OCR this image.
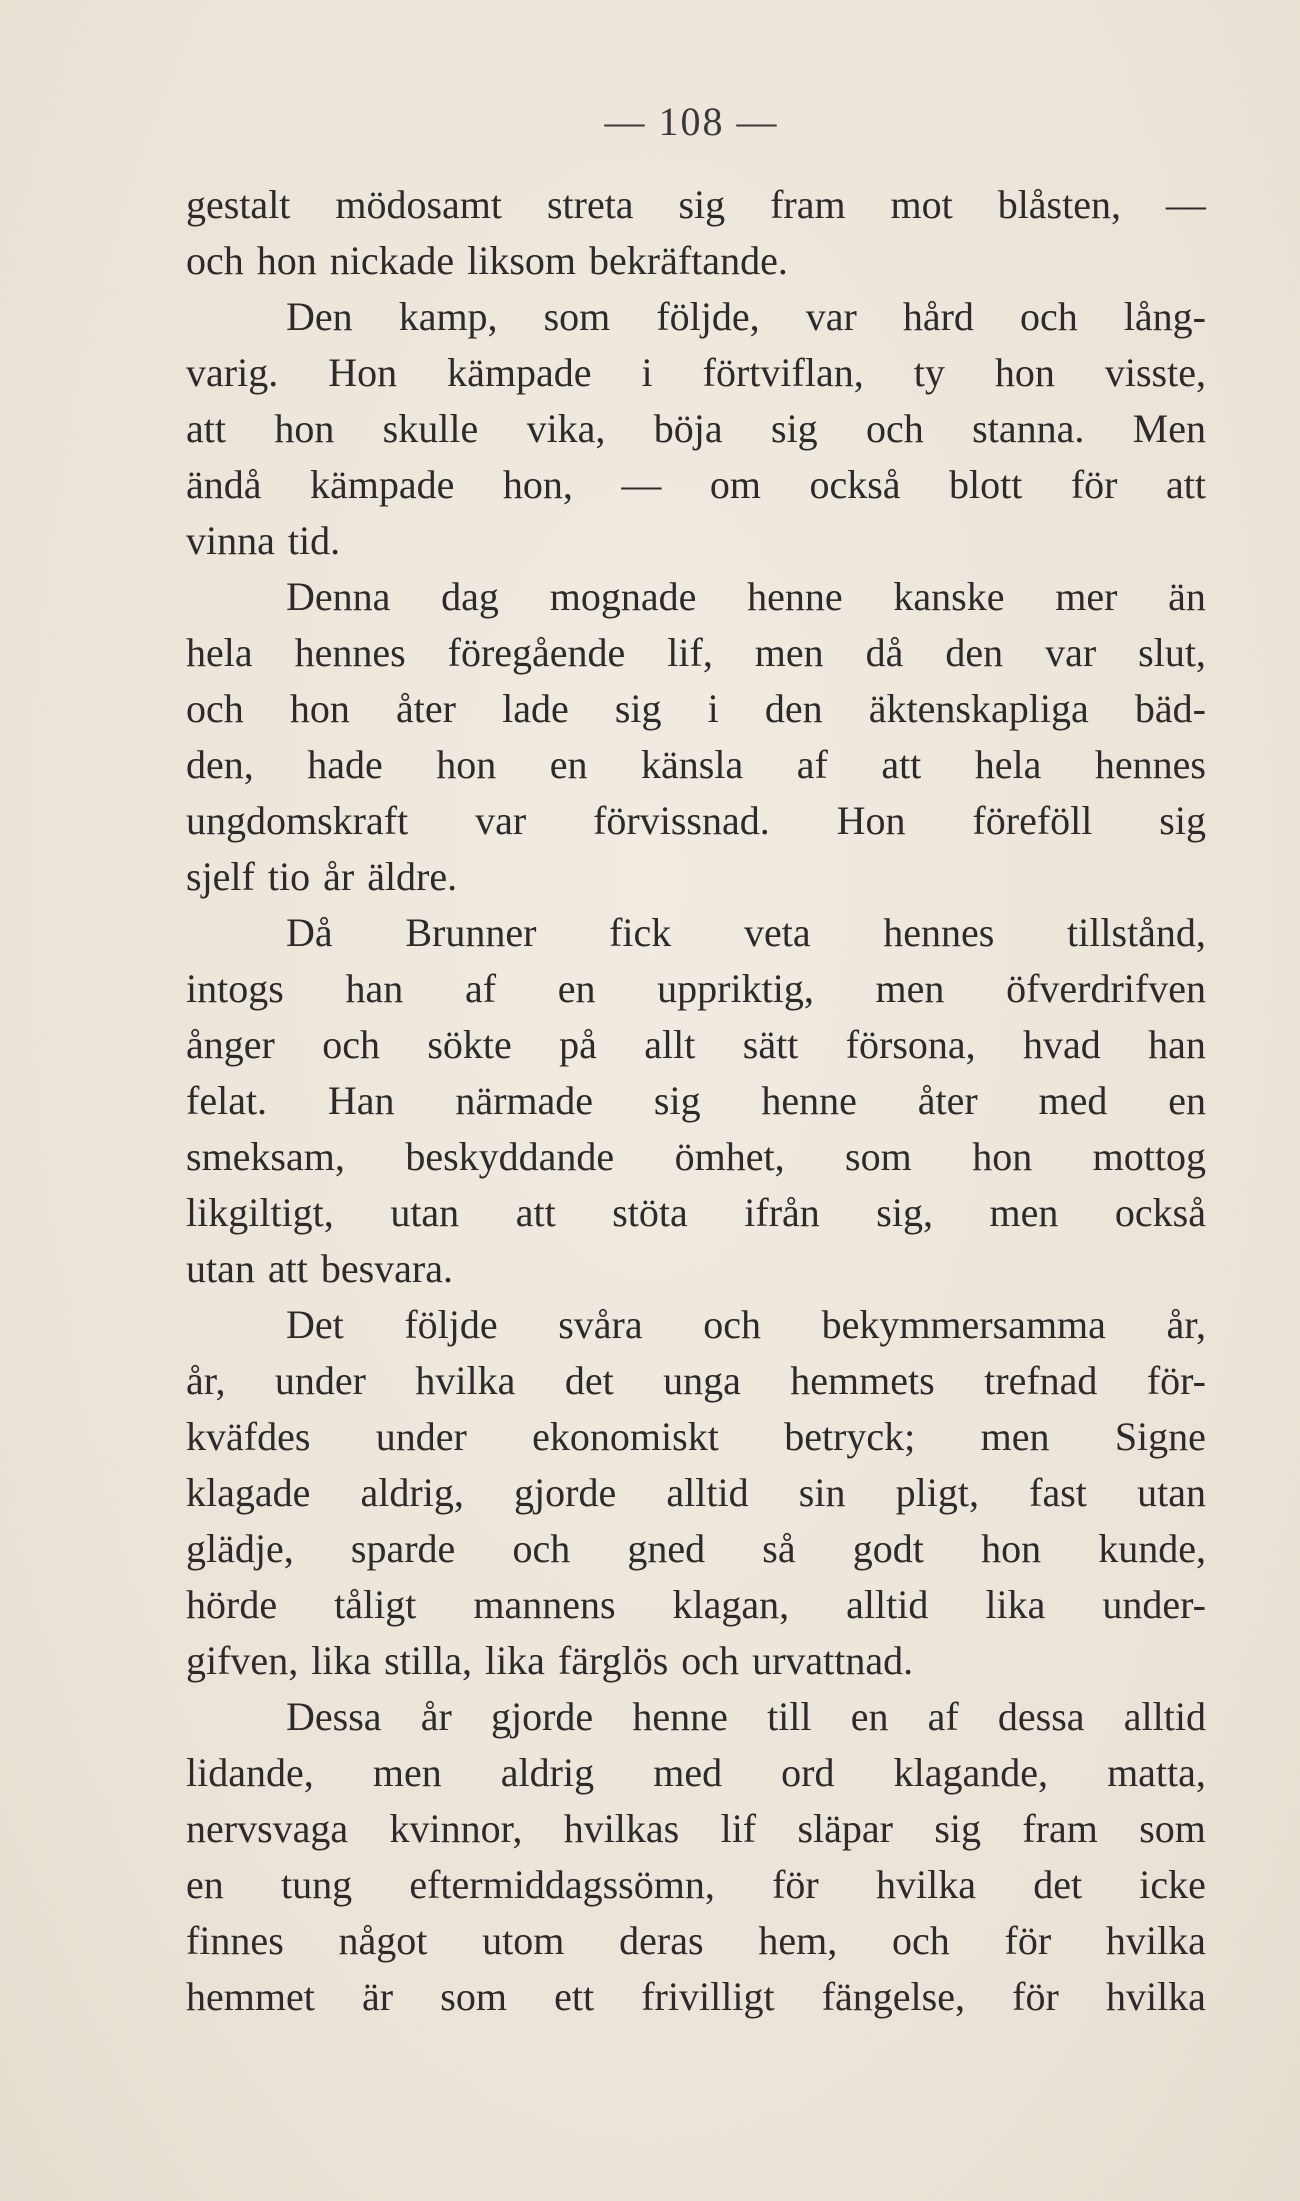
— 108 —
gestalt mödosamt streta sig fram mot blåsten, —
och hon nickade liksom bekräftande.
Den kamp, som följde, var hård och lång-
varig. Hon kämpade i förtviflan, ty hon visste,
att hon skulle vika, böja sig och stanna. Men
ändå kämpade hon, — om också blott för att
vinna tid.
Denna dag mognade henne kanske mer än
hela hennes föregående lif, men då den var slut,
och hon åter lade sig i den äktenskapliga bäd-
den, hade hon en känsla af att hela hennes
ungdomskraft var förvissnad. Hon föreföll sig
sjelf tio år äldre.
Då Brunner fick veta hennes tillstånd,
intogs han af en uppriktig, men öfverdrifven
ånger och sökte på allt sätt försona, hvad han
felat. Han närmade sig henne åter med en
smeksam, beskyddande ömhet, som hon mottog
likgiltigt, utan att stöta ifrån sig, men också
utan att besvara.
Det följde svåra och bekymmersamma år,
år, under hvilka det unga hemmets trefnad för-
kväfdes under ekonomiskt betryck; men Signe
klagade aldrig, gjorde alltid sin pligt, fast utan
glädje, sparde och gned så godt hon kunde,
hörde tåligt mannens klagan, alltid lika under-
gifven, lika stilla, lika färglös och urvattnad.
Dessa år gjorde henne till en af dessa alltid
lidande, men aldrig med ord klagande, matta,
nervsvaga kvinnor, hvilkas lif släpar sig fram som
en tung eftermiddagssömn, för hvilka det icke
finnes något utom deras hem, och för hvilka
hemmet är som ett frivilligt fängelse, för hvilka
